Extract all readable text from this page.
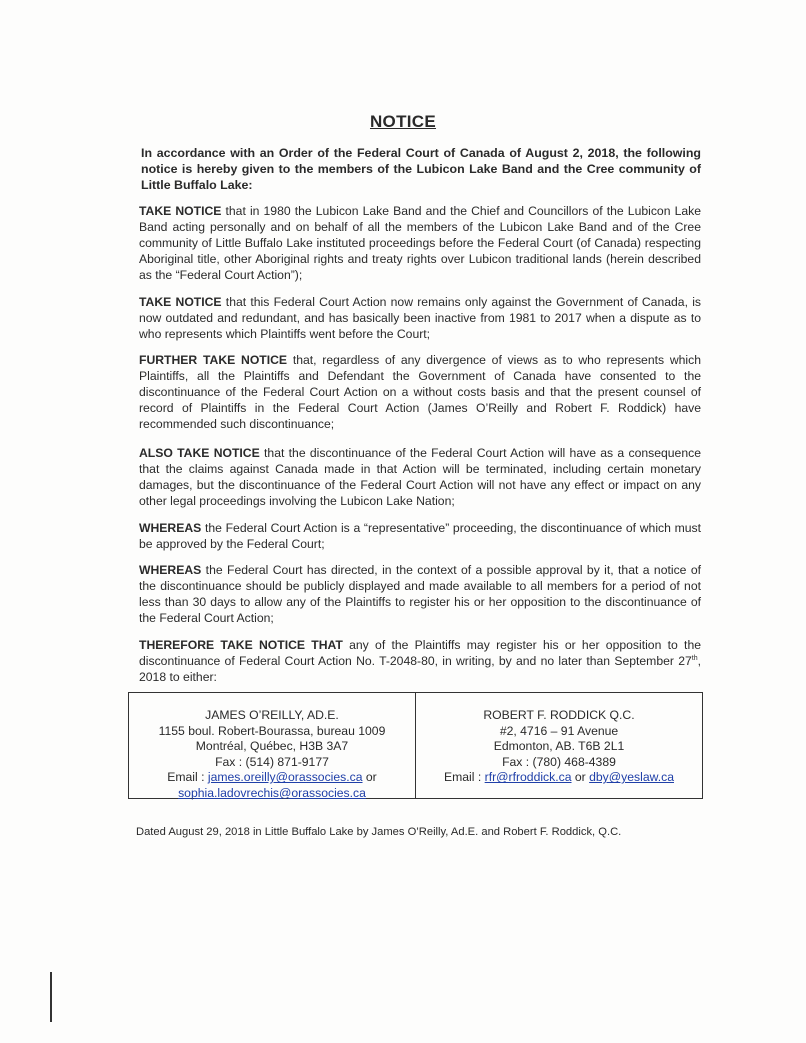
NOTICE

In accordance with an Order of the Federal Court of Canada of August 2, 2018, the following notice is hereby given to the members of the Lubicon Lake Band and the Cree community of Little Buffalo Lake:

TAKE NOTICE that in 1980 the Lubicon Lake Band and the Chief and Councillors of the Lubicon Lake Band acting personally and on behalf of all the members of the Lubicon Lake Band and of the Cree community of Little Buffalo Lake instituted proceedings before the Federal Court (of Canada) respecting Aboriginal title, other Aboriginal rights and treaty rights over Lubicon traditional lands (herein described as the “Federal Court Action”);

TAKE NOTICE that this Federal Court Action now remains only against the Government of Canada, is now outdated and redundant, and has basically been inactive from 1981 to 2017 when a dispute as to who represents which Plaintiffs went before the Court;

FURTHER TAKE NOTICE that, regardless of any divergence of views as to who represents which Plaintiffs, all the Plaintiffs and Defendant the Government of Canada have consented to the discontinuance of the Federal Court Action on a without costs basis and that the present counsel of record of Plaintiffs in the Federal Court Action (James O’Reilly and Robert F. Roddick) have recommended such discontinuance;

ALSO TAKE NOTICE that the discontinuance of the Federal Court Action will have as a consequence that the claims against Canada made in that Action will be terminated, including certain monetary damages, but the discontinuance of the Federal Court Action will not have any effect or impact on any other legal proceedings involving the Lubicon Lake Nation;

WHEREAS the Federal Court Action is a “representative” proceeding, the discontinuance of which must be approved by the Federal Court;

WHEREAS the Federal Court has directed, in the context of a possible approval by it, that a notice of the discontinuance should be publicly displayed and made available to all members for a period of not less than 30 days to allow any of the Plaintiffs to register his or her opposition to the discontinuance of the Federal Court Action;

THEREFORE TAKE NOTICE THAT any of the Plaintiffs may register his or her opposition to the discontinuance of Federal Court Action No. T-2048-80, in writing, by and no later than September 27th, 2018 to either:

JAMES O’REILLY, AD.E.
1155 boul. Robert-Bourassa, bureau 1009
Montréal, Québec, H3B 3A7
Fax : (514) 871-9177
Email : james.oreilly@orassocies.ca or
sophia.ladovrechis@orassocies.ca
ROBERT F. RODDICK Q.C.
#2, 4716 – 91 Avenue
Edmonton, AB. T6B 2L1
Fax : (780) 468-4389
Email : rfr@rfroddick.ca or dby@yeslaw.ca
Dated August 29, 2018 in Little Buffalo Lake by James O’Reilly, Ad.E. and Robert F. Roddick, Q.C.
